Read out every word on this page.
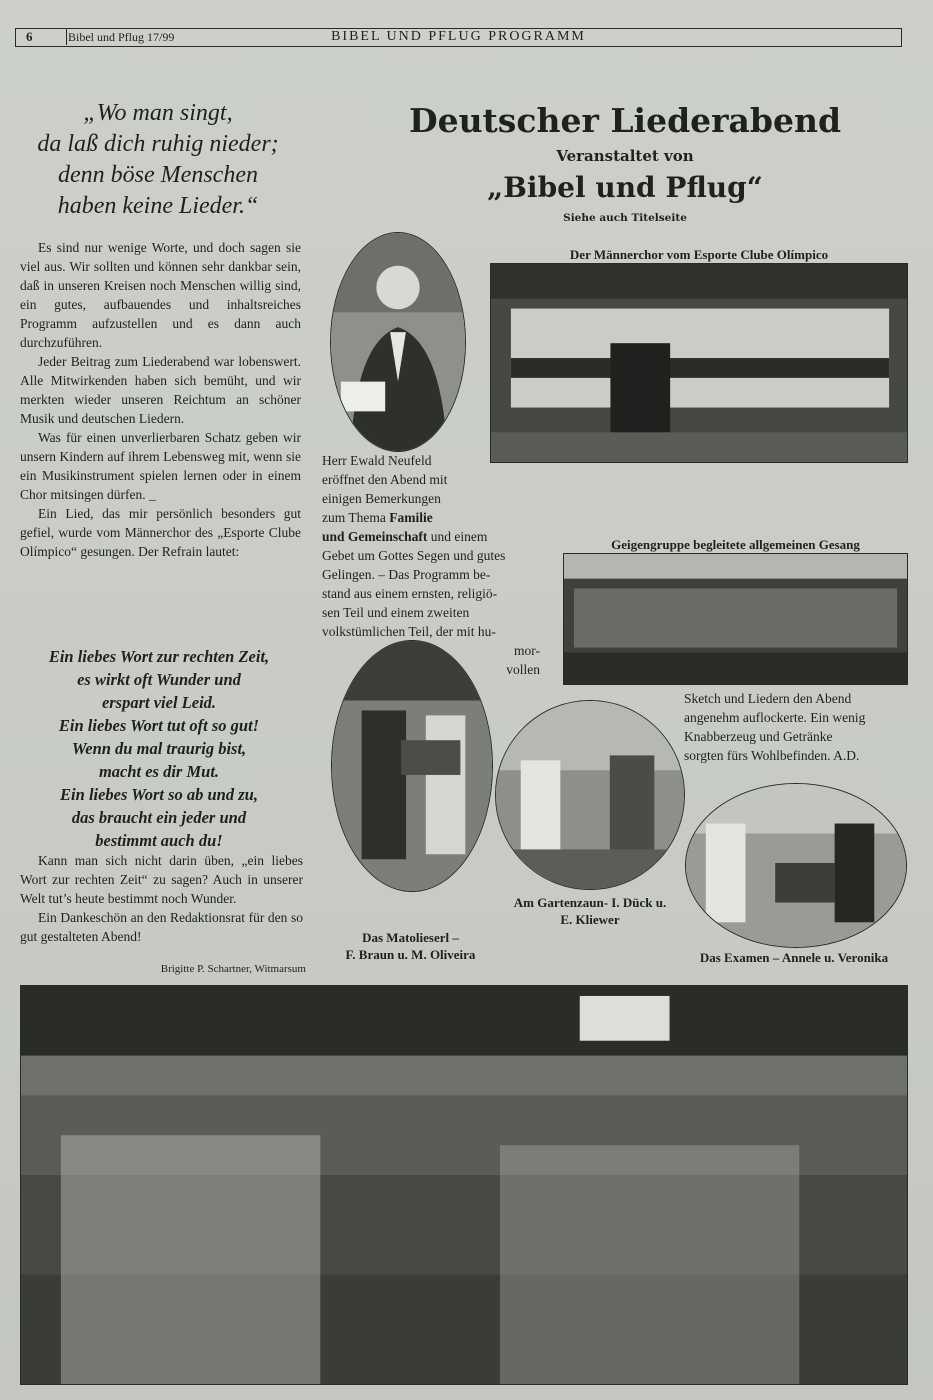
6	Bibel und Pflug 17/99	BIBEL UND PFLUG PROGRAMM
„Wo man singt,
da laß dich ruhig nieder;
denn böse Menschen
haben keine Lieder.“

Es sind nur wenige Worte, und doch sagen sie viel aus. Wir sollten und können sehr dankbar sein, daß in unseren Kreisen noch Menschen willig sind, ein gutes, aufbauendes und inhaltsreiches Programm aufzustellen und es dann auch durchzuführen.

Jeder Beitrag zum Liederabend war lobenswert. Alle Mitwirkenden haben sich bemüht, und wir merkten wieder unseren Reichtum an schöner Musik und deutschen Liedern.

Was für einen unverlierbaren Schatz geben wir unsern Kindern auf ihrem Lebensweg mit, wenn sie ein Musikinstrument spielen lernen oder in einem Chor mitsingen dürfen. _

Ein Lied, das mir persönlich besonders gut gefiel, wurde vom Männerchor des „Esporte Clube Olímpico“ gesungen. Der Refrain lautet:

Ein liebes Wort zur rechten Zeit,
es wirkt oft Wunder und
erspart viel Leid.
Ein liebes Wort tut oft so gut!
Wenn du mal traurig bist,
macht es dir Mut.
Ein liebes Wort so ab und zu,
das braucht ein jeder und
bestimmt auch du!

Kann man sich nicht darin üben, „ein liebes Wort zur rechten Zeit“ zu sagen? Auch in unserer Welt tut’s heute bestimmt noch Wunder.

Ein Dankeschön an den Redaktionsrat für den so gut gestalteten Abend!

Brigitte P. Schartner, Witmarsum
Deutscher Liederabend
Veranstaltet von
„Bibel und Pflug“
Siehe auch Titelseite
Der Männerchor vom Esporte Clube Olímpico

Herr Ewald Neufeld

eröffnet den Abend mit

einigen Bemerkungen

zum Thema Familie

und Gemeinschaft und einem

Gebet um Gottes Segen und gutes

Gelingen. – Das Programm be-

stand aus einem ernsten, religiö-

sen Teil und einem zweiten

volkstümlichen Teil, der mit hu-

mor-

vollen

Geigengruppe begleitete allgemeinen Gesang

Sketch und Liedern den Abend

angenehm auflockerte. Ein wenig

Knabberzeug und Getränke

sorgten fürs Wohlbefinden. A.D.

Das Matolieserl –
F. Braun u. M. Oliveira
Am Gartenzaun- I. Dück u.
E. Kliewer
Das Examen – Annele u. Veronika
